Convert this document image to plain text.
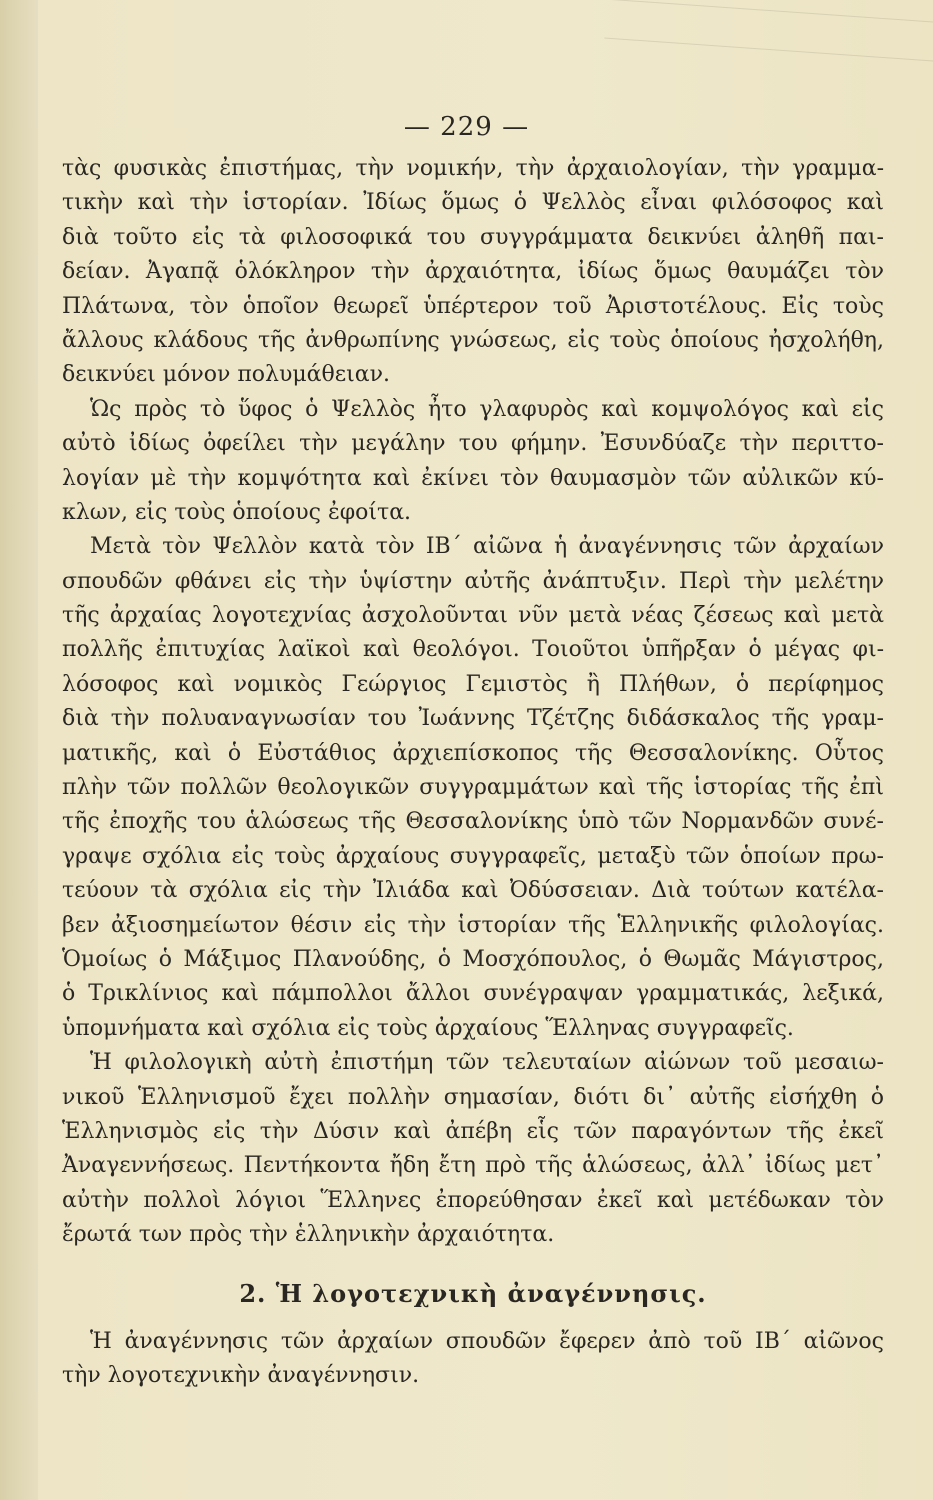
— 229 —
τὰς φυσικὰς ἐπιστήμας, τὴν νομικήν, τὴν ἀρχαιολογίαν, τὴν γραμμα-
τικὴν καὶ τὴν ἱστορίαν. Ἰδίως ὅμως ὁ Ψελλὸς εἶναι φιλόσοφος καὶ
διὰ τοῦτο εἰς τὰ φιλοσοφικά του συγγράμματα δεικνύει ἀληθῆ παι-
δείαν. Ἀγαπᾷ ὁλόκληρον τὴν ἀρχαιότητα, ἰδίως ὅμως θαυμάζει τὸν
Πλάτωνα, τὸν ὁποῖον θεωρεῖ ὑπέρτερον τοῦ Ἀριστοτέλους. Εἰς τοὺς
ἄλλους κλάδους τῆς ἀνθρωπίνης γνώσεως, εἰς τοὺς ὁποίους ἠσχολήθη,
δεικνύει μόνον πολυμάθειαν.
Ὡς πρὸς τὸ ὕφος ὁ Ψελλὸς ἦτο γλαφυρὸς καὶ κομψολόγος καὶ εἰς
αὐτὸ ἰδίως ὀφείλει τὴν μεγάλην του φήμην. Ἐσυνδύαζε τὴν περιττο-
λογίαν μὲ τὴν κομψότητα καὶ ἐκίνει τὸν θαυμασμὸν τῶν αὐλικῶν κύ-
κλων, εἰς τοὺς ὁποίους ἐφοίτα.
Μετὰ τὸν Ψελλὸν κατὰ τὸν ΙΒ΄ αἰῶνα ἡ ἀναγέννησις τῶν ἀρχαίων
σπουδῶν φθάνει εἰς τὴν ὑψίστην αὐτῆς ἀνάπτυξιν. Περὶ τὴν μελέτην
τῆς ἀρχαίας λογοτεχνίας ἀσχολοῦνται νῦν μετὰ νέας ζέσεως καὶ μετὰ
πολλῆς ἐπιτυχίας λαϊκοὶ καὶ θεολόγοι. Τοιοῦτοι ὑπῆρξαν ὁ μέγας φι-
λόσοφος καὶ νομικὸς Γεώργιος Γεμιστὸς ἢ Πλήθων, ὁ περίφημος
διὰ τὴν πολυαναγνωσίαν του Ἰωάννης Τζέτζης διδάσκαλος τῆς γραμ-
ματικῆς, καὶ ὁ Εὐστάθιος ἀρχιεπίσκοπος τῆς Θεσσαλονίκης. Οὗτος
πλὴν τῶν πολλῶν θεολογικῶν συγγραμμάτων καὶ τῆς ἱστορίας τῆς ἐπὶ
τῆς ἐποχῆς του ἁλώσεως τῆς Θεσσαλονίκης ὑπὸ τῶν Νορμανδῶν συνέ-
γραψε σχόλια εἰς τοὺς ἀρχαίους συγγραφεῖς, μεταξὺ τῶν ὁποίων πρω-
τεύουν τὰ σχόλια εἰς τὴν Ἰλιάδα καὶ Ὀδύσσειαν. Διὰ τούτων κατέλα-
βεν ἀξιοσημείωτον θέσιν εἰς τὴν ἱστορίαν τῆς Ἑλληνικῆς φιλολογίας.
Ὁμοίως ὁ Μάξιμος Πλανούδης, ὁ Μοσχόπουλος, ὁ Θωμᾶς Μάγιστρος,
ὁ Τρικλίνιος καὶ πάμπολλοι ἄλλοι συνέγραψαν γραμματικάς, λεξικά,
ὑπομνήματα καὶ σχόλια εἰς τοὺς ἀρχαίους Ἕλληνας συγγραφεῖς.
Ἡ φιλολογικὴ αὐτὴ ἐπιστήμη τῶν τελευταίων αἰώνων τοῦ μεσαιω-
νικοῦ Ἑλληνισμοῦ ἔχει πολλὴν σημασίαν, διότι δι᾽ αὐτῆς εἰσήχθη ὁ
Ἑλληνισμὸς εἰς τὴν Δύσιν καὶ ἀπέβη εἷς τῶν παραγόντων τῆς ἐκεῖ
Ἀναγεννήσεως. Πεντήκοντα ἤδη ἔτη πρὸ τῆς ἁλώσεως, ἀλλ᾽ ἰδίως μετ᾽
αὐτὴν πολλοὶ λόγιοι Ἕλληνες ἐπορεύθησαν ἐκεῖ καὶ μετέδωκαν τὸν
ἔρωτά των πρὸς τὴν ἑλληνικὴν ἀρχαιότητα.
2. Ἡ λογοτεχνικὴ ἀναγέννησις.
Ἡ ἀναγέννησις τῶν ἀρχαίων σπουδῶν ἔφερεν ἀπὸ τοῦ ΙΒ΄ αἰῶνος
τὴν λογοτεχνικὴν ἀναγέννησιν.
